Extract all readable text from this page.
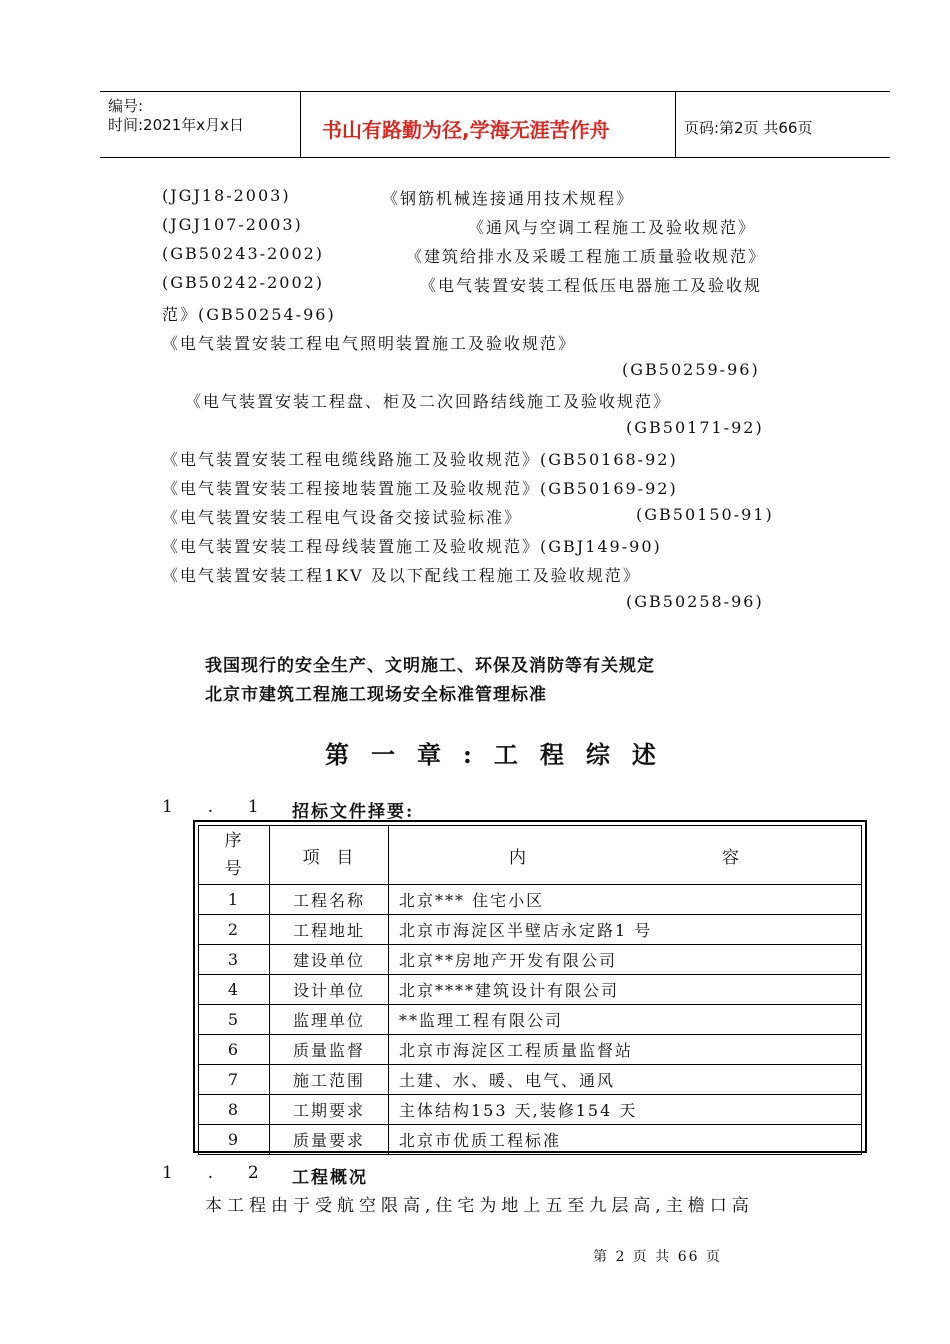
编号:
时间:2021年x月x日	书山有路勤为径,学海无涯苦作舟	页码:第2页 共66页
(JGJ18-2003)	《钢筋机械连接通用技术规程》
(JGJ107-2003)	《通风与空调工程施工及验收规范》
(GB50243-2002)	《建筑给排水及采暖工程施工质量验收规范》
(GB50242-2002)	《电气装置安装工程低压电器施工及验收规
范》(GB50254-96)
《电气装置安装工程电气照明装置施工及验收规范》
(GB50259-96)
《电气装置安装工程盘、柜及二次回路结线施工及验收规范》
(GB50171-92)
《电气装置安装工程电缆线路施工及验收规范》(GB50168-92)
《电气装置安装工程接地装置施工及验收规范》(GB50169-92)
《电气装置安装工程电气设备交接试验标准》	(GB50150-91)
《电气装置安装工程母线装置施工及验收规范》(GBJ149-90)
《电气装置安装工程1KV 及以下配线工程施工及验收规范》
(GB50258-96)
我国现行的安全生产、文明施工、环保及消防等有关规定
北京市建筑工程施工现场安全标准管理标准
第一章:工程综述
1  .  1 招标文件择要:
序号	项  目	内 容

1	工程名称	北京*** 住宅小区
2	工程地址	北京市海淀区半壁店永定路1 号
3	建设单位	北京**房地产开发有限公司
4	设计单位	北京****建筑设计有限公司
5	监理单位	**监理工程有限公司
6	质量监督	北京市海淀区工程质量监督站
7	施工范围	土建、水、暖、电气、通风
8	工期要求	主体结构153 天,装修154 天
9	质量要求	北京市优质工程标准
1  .  2 工程概况
本工程由于受航空限高,住宅为地上五至九层高,主檐口高
第 2 页 共 66 页
